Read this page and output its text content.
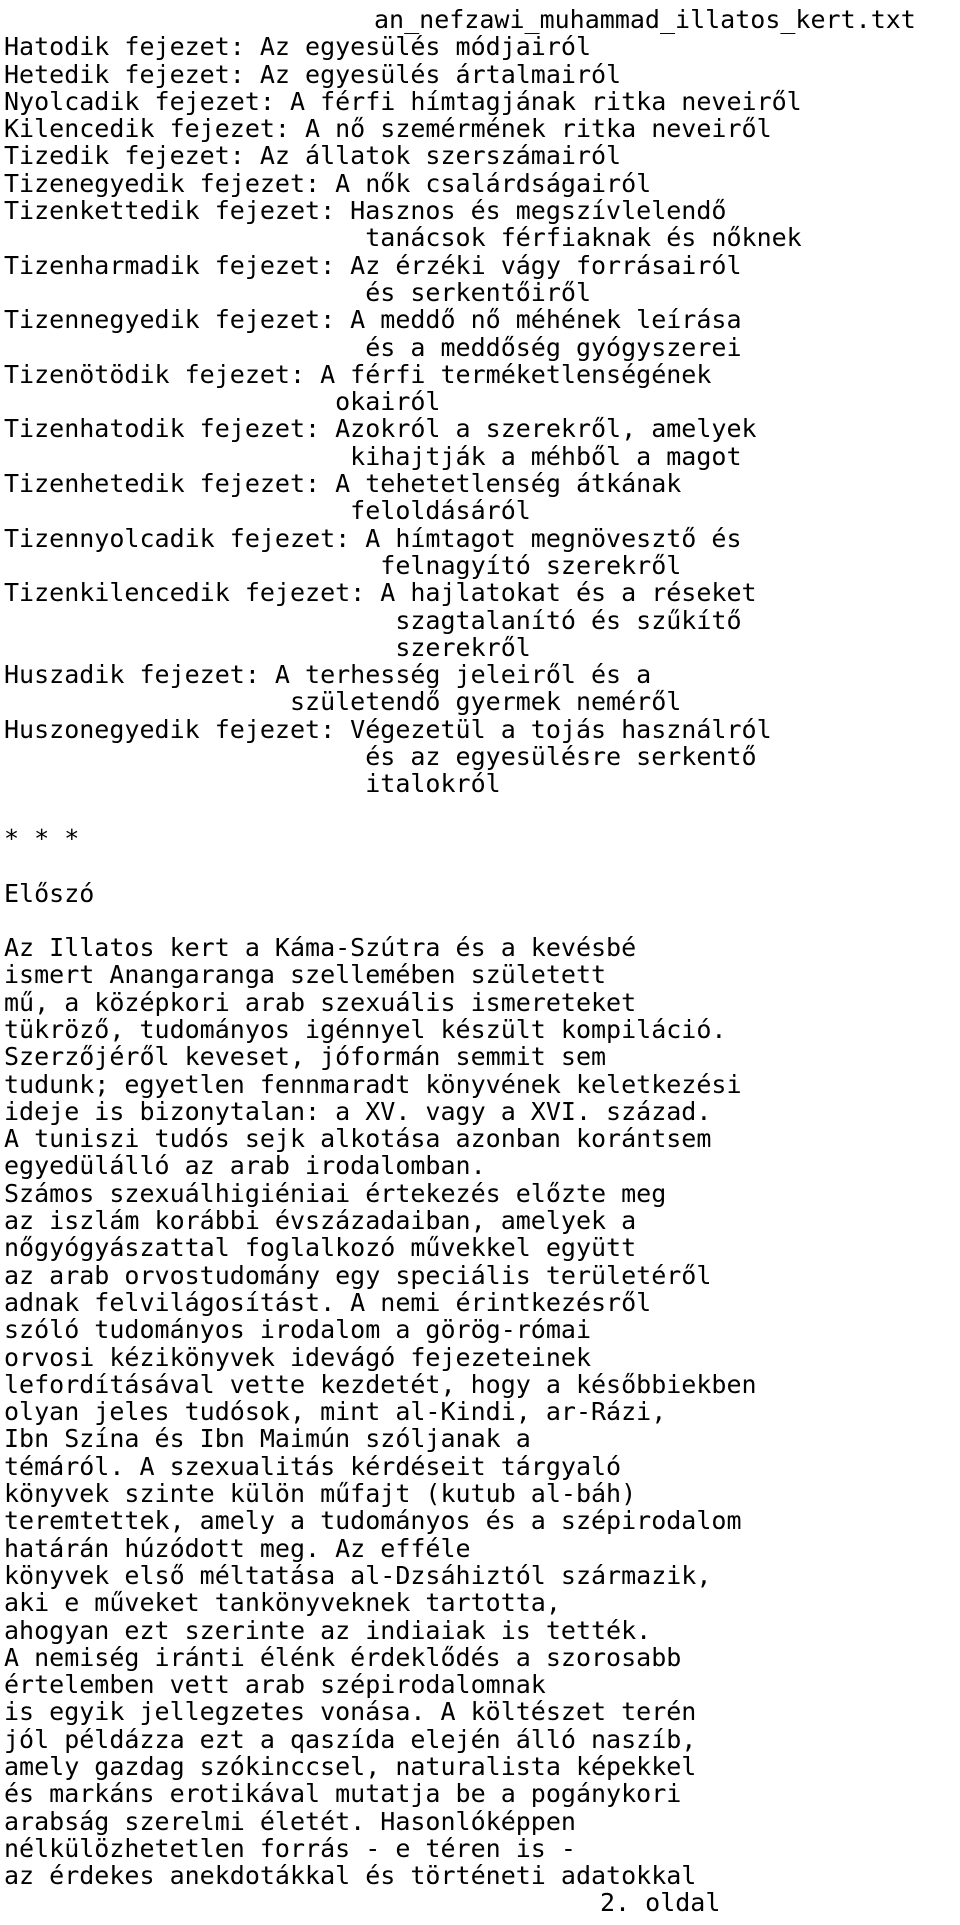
an_nefzawi_muhammad_illatos_kert.txt
Hatodik fejezet: Az egyesülés módjairól
Hetedik fejezet: Az egyesülés ártalmairól
Nyolcadik fejezet: A férfi hímtagjának ritka neveiről
Kilencedik fejezet: A nő szemérmének ritka neveiről
Tizedik fejezet: Az állatok szerszámairól
Tizenegyedik fejezet: A nők csalárdságairól
Tizenkettedik fejezet: Hasznos és megszívlelendő
tanácsok férfiaknak és nőknek
Tizenharmadik fejezet: Az érzéki vágy forrásairól
és serkentőiről
Tizennegyedik fejezet: A meddő nő méhének leírása
és a meddőség gyógyszerei
Tizenötödik fejezet: A férfi terméketlenségének
okairól
Tizenhatodik fejezet: Azokról a szerekről, amelyek
kihajtják a méhből a magot
Tizenhetedik fejezet: A tehetetlenség átkának
feloldásáról
Tizennyolcadik fejezet: A hímtagot megnövesztő és
felnagyító szerekről
Tizenkilencedik fejezet: A hajlatokat és a réseket
szagtalanító és szűkítő
szerekről
Huszadik fejezet: A terhesség jeleiről és a
születendő gyermek neméről
Huszonegyedik fejezet: Végezetül a tojás használról
és az egyesülésre serkentő
italokról
* * *
Előszó
Az Illatos kert a Káma-Szútra és a kevésbé
ismert Anangaranga szellemében született
mű, a középkori arab szexuális ismereteket
tükröző, tudományos igénnyel készült kompiláció.
Szerzőjéről keveset, jóformán semmit sem
tudunk; egyetlen fennmaradt könyvének keletkezési
ideje is bizonytalan: a XV. vagy a XVI. század.
A tuniszi tudós sejk alkotása azonban korántsem
egyedülálló az arab irodalomban.
Számos szexuálhigiéniai értekezés előzte meg
az iszlám korábbi évszázadaiban, amelyek a
nőgyógyászattal foglalkozó művekkel együtt
az arab orvostudomány egy speciális területéről
adnak felvilágosítást. A nemi érintkezésről
szóló tudományos irodalom a görög-római
orvosi kézikönyvek idevágó fejezeteinek
lefordításával vette kezdetét, hogy a későbbiekben
olyan jeles tudósok, mint al-Kindi, ar-Rázi,
Ibn Szína és Ibn Maimún szóljanak a
témáról. A szexualitás kérdéseit tárgyaló
könyvek szinte külön műfajt (kutub al-báh)
teremtettek, amely a tudományos és a szépirodalom
határán húzódott meg. Az efféle
könyvek első méltatása al-Dzsáhiztól származik,
aki e műveket tankönyveknek tartotta,
ahogyan ezt szerinte az indiaiak is tették.
A nemiség iránti élénk érdeklődés a szorosabb
értelemben vett arab szépirodalomnak
is egyik jellegzetes vonása. A költészet terén
jól példázza ezt a qaszída elején álló naszíb,
amely gazdag szókinccsel, naturalista képekkel
és markáns erotikával mutatja be a pogánykori
arabság szerelmi életét. Hasonlóképpen
nélkülözhetetlen forrás - e téren is -
az érdekes anekdotákkal és történeti adatokkal
2. oldal
